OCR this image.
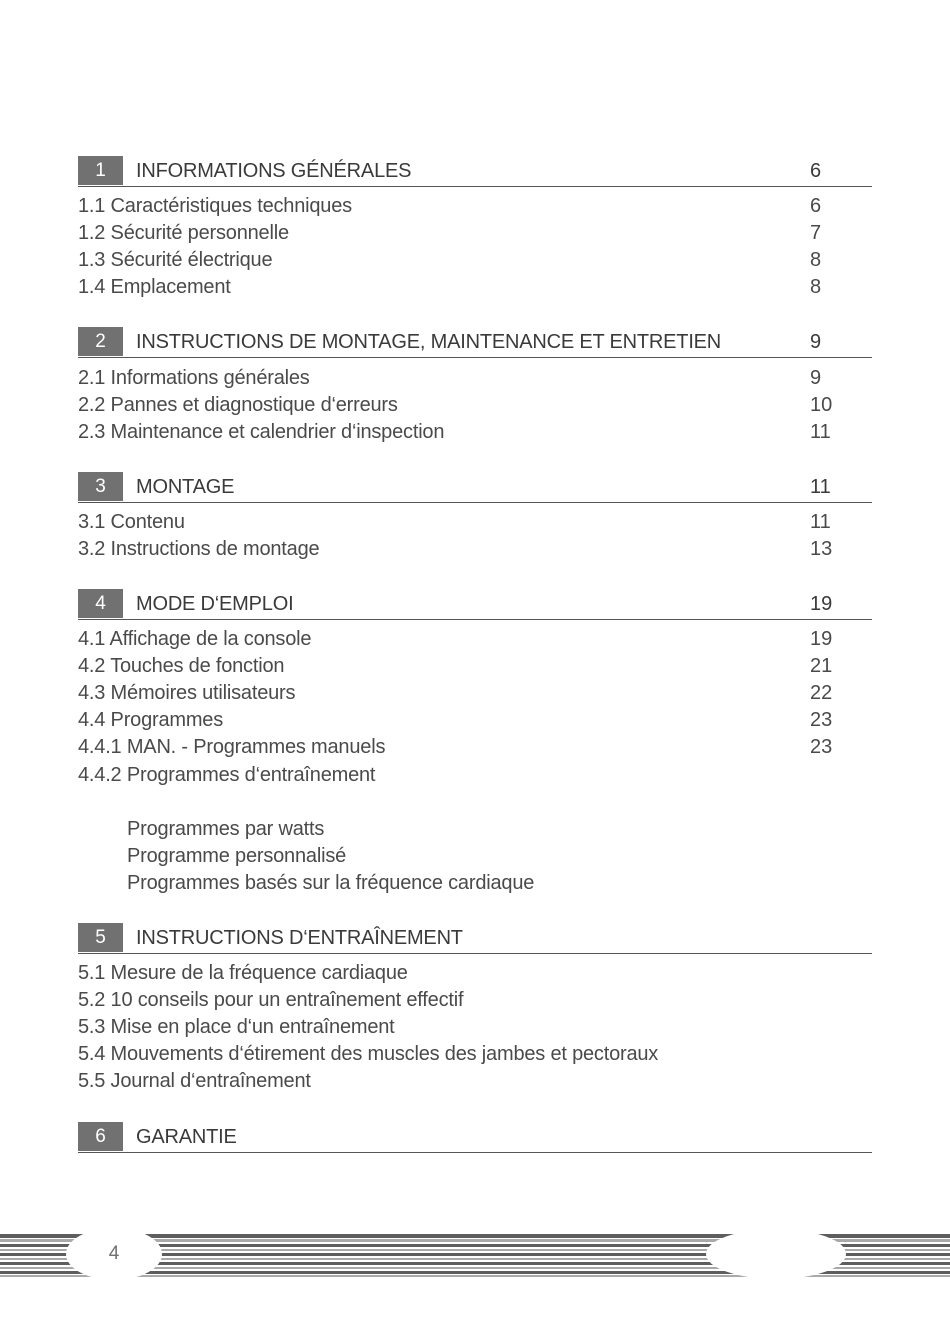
1	INFORMATIONS GÉNÉRALES	6
1.1 Caractéristiques techniques	6
1.2 Sécurité personnelle	7
1.3 Sécurité électrique	8
1.4 Emplacement	8
2	INSTRUCTIONS DE MONTAGE, MAINTENANCE ET ENTRETIEN	9
2.1 Informations générales	9
2.2 Pannes et diagnostique d‘erreurs	10
2.3 Maintenance et calendrier d‘inspection	11
3	MONTAGE	11
3.1 Contenu	11
3.2 Instructions de montage	13
4	MODE D‘EMPLOI	19
4.1 Affichage de la console	19
4.2 Touches de fonction	21
4.3 Mémoires utilisateurs	22
4.4 Programmes	23
4.4.1 MAN. - Programmes manuels	23
4.4.2 Programmes d‘entraînement
Programmes par watts
Programme personnalisé
Programmes basés sur la fréquence cardiaque
5	INSTRUCTIONS D‘ENTRAÎNEMENT
5.1 Mesure de la fréquence cardiaque
5.2 10 conseils pour un entraînement effectif
5.3 Mise en place d‘un entraînement
5.4 Mouvements d‘étirement des muscles des jambes et pectoraux
5.5 Journal d‘entraînement
6	GARANTIE
4
